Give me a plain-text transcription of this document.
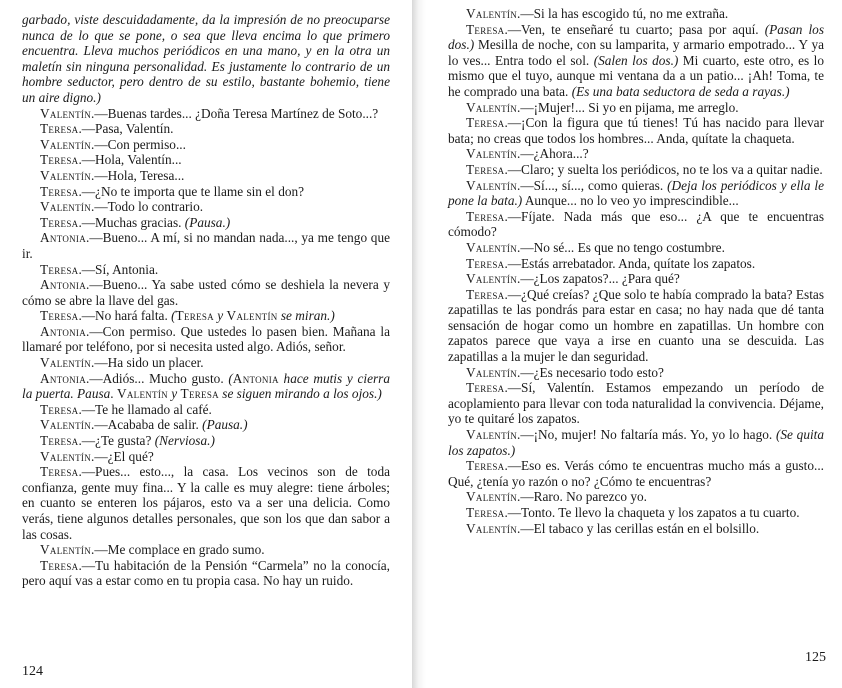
garbado, viste descuidadamente, da la impresión de no preocuparse nunca de lo que se pone, o sea que lleva encima lo que primero encuentra. Lleva muchos periódicos en una mano, y en la otra un maletín sin ninguna personalidad. Es justamente lo contrario de un hombre seductor, pero dentro de su estilo, bastante bohemio, tiene un aire digno.)

Valentín.—Buenas tardes... ¿Doña Teresa Martínez de Soto...?

Teresa.—Pasa, Valentín.

Valentín.—Con permiso...

Teresa.—Hola, Valentín...

Valentín.—Hola, Teresa...

Teresa.—¿No te importa que te llame sin el don?

Valentín.—Todo lo contrario.

Teresa.—Muchas gracias. (Pausa.)

Antonia.—Bueno... A mí, si no mandan nada..., ya me tengo que ir.

Teresa.—Sí, Antonia.

Antonia.—Bueno... Ya sabe usted cómo se deshiela la nevera y cómo se abre la llave del gas.

Teresa.—No hará falta. (Teresa y Valentín se miran.)

Antonia.—Con permiso. Que ustedes lo pasen bien. Mañana la llamaré por teléfono, por si necesita usted algo. Adiós, señor.

Valentín.—Ha sido un placer.

Antonia.—Adiós... Mucho gusto. (Antonia hace mutis y cierra la puerta. Pausa. Valentín y Teresa se siguen mirando a los ojos.)

Teresa.—Te he llamado al café.

Valentín.—Acababa de salir. (Pausa.)

Teresa.—¿Te gusta? (Nerviosa.)

Valentín.—¿El qué?

Teresa.—Pues... esto..., la casa. Los vecinos son de toda confianza, gente muy fina... Y la calle es muy alegre: tiene árboles; en cuanto se enteren los pájaros, esto va a ser una delicia. Como verás, tiene algunos detalles personales, que son los que dan sabor a las cosas.

Valentín.—Me complace en grado sumo.

Teresa.—Tu habitación de la Pensión “Carmela” no la conocía, pero aquí vas a estar como en tu propia casa. No hay un ruido.

124

Valentín.—Si la has escogido tú, no me extraña.

Teresa.—Ven, te enseñaré tu cuarto; pasa por aquí. (Pasan los dos.) Mesilla de noche, con su lamparita, y armario empotrado... Y ya lo ves... Entra todo el sol. (Salen los dos.) Mi cuarto, este otro, es lo mismo que el tuyo, aunque mi ventana da a un patio... ¡Ah! Toma, te he comprado una bata. (Es una bata seductora de seda a rayas.)

Valentín.—¡Mujer!... Si yo en pijama, me arreglo.

Teresa.—¡Con la figura que tú tienes! Tú has nacido para llevar bata; no creas que todos los hombres... Anda, quítate la chaqueta.

Valentín.—¿Ahora...?

Teresa.—Claro; y suelta los periódicos, no te los va a quitar nadie.

Valentín.—Sí..., sí..., como quieras. (Deja los periódicos y ella le pone la bata.) Aunque... no lo veo yo imprescindible...

Teresa.—Fíjate. Nada más que eso... ¿A que te encuentras cómodo?

Valentín.—No sé... Es que no tengo costumbre.

Teresa.—Estás arrebatador. Anda, quítate los zapatos.

Valentín.—¿Los zapatos?... ¿Para qué?

Teresa.—¿Qué creías? ¿Que solo te había comprado la bata? Estas zapatillas te las pondrás para estar en casa; no hay nada que dé tanta sensación de hogar como un hombre en zapatillas. Un hombre con zapatos parece que vaya a irse en cuanto una se descuida. Las zapatillas a la mujer le dan seguridad.

Valentín.—¿Es necesario todo esto?

Teresa.—Sí, Valentín. Estamos empezando un período de acoplamiento para llevar con toda naturalidad la convivencia. Déjame, yo te quitaré los zapatos.

Valentín.—¡No, mujer! No faltaría más. Yo, yo lo hago. (Se quita los zapatos.)

Teresa.—Eso es. Verás cómo te encuentras mucho más a gusto... Qué, ¿tenía yo razón o no? ¿Cómo te encuentras?

Valentín.—Raro. No parezco yo.

Teresa.—Tonto. Te llevo la chaqueta y los zapatos a tu cuarto.

Valentín.—El tabaco y las cerillas están en el bolsillo.

125
